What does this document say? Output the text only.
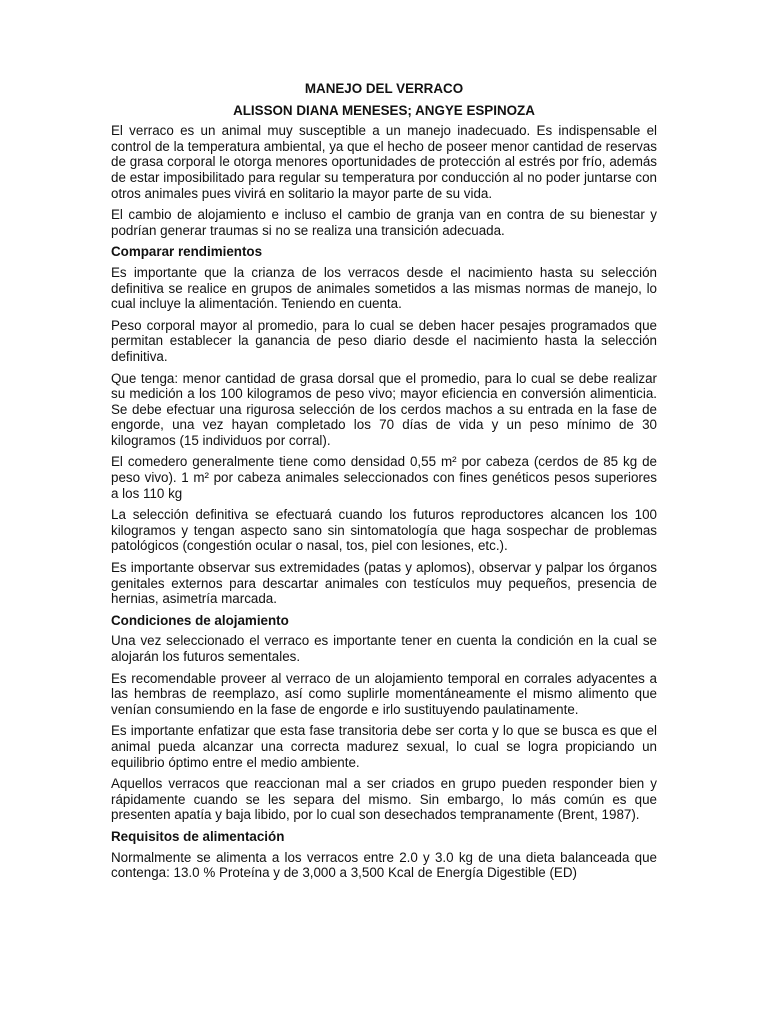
MANEJO DEL VERRACO
ALISSON DIANA MENESES; ANGYE ESPINOZA
El verraco es un animal muy susceptible a un manejo inadecuado. Es indispensable el control de la temperatura ambiental, ya que el hecho de poseer menor cantidad de reservas de grasa corporal le otorga menores oportunidades de protección al estrés por frío, además de estar imposibilitado para regular su temperatura por conducción al no poder juntarse con otros animales pues vivirá en solitario la mayor parte de su vida.
El cambio de alojamiento e incluso el cambio de granja van en contra de su bienestar y podrían generar traumas si no se realiza una transición adecuada.
Comparar rendimientos
Es importante que la crianza de los verracos desde el nacimiento hasta su selección definitiva se realice en grupos de animales sometidos a las mismas normas de manejo, lo cual incluye la alimentación. Teniendo en cuenta.
Peso corporal mayor al promedio, para lo cual se deben hacer pesajes programados que permitan establecer la ganancia de peso diario desde el nacimiento hasta la selección definitiva.
Que tenga: menor cantidad de grasa dorsal que el promedio, para lo cual se debe realizar su medición a los 100 kilogramos de peso vivo; mayor eficiencia en conversión alimenticia. Se debe efectuar una rigurosa selección de los cerdos machos a su entrada en la fase de engorde, una vez hayan completado los 70 días de vida y un peso mínimo de 30 kilogramos (15 individuos por corral).
El comedero generalmente tiene como densidad 0,55 m² por cabeza (cerdos de 85 kg de peso vivo). 1 m² por cabeza animales seleccionados con fines genéticos pesos superiores a los 110 kg
La selección definitiva se efectuará cuando los futuros reproductores alcancen los 100 kilogramos y tengan aspecto sano sin sintomatología que haga sospechar de problemas patológicos (congestión ocular o nasal, tos, piel con lesiones, etc.).
Es importante observar sus extremidades (patas y aplomos), observar y palpar los órganos genitales externos para descartar animales con testículos muy pequeños, presencia de hernias, asimetría marcada.
Condiciones de alojamiento
Una vez seleccionado el verraco es importante tener en cuenta la condición en la cual se alojarán los futuros sementales.
Es recomendable proveer al verraco de un alojamiento temporal en corrales adyacentes a las hembras de reemplazo, así como suplirle momentáneamente el mismo alimento que venían consumiendo en la fase de engorde e irlo sustituyendo paulatinamente.
Es importante enfatizar que esta fase transitoria debe ser corta y lo que se busca es que el animal pueda alcanzar una correcta madurez sexual, lo cual se logra propiciando un equilibrio óptimo entre el medio ambiente.
Aquellos verracos que reaccionan mal a ser criados en grupo pueden responder bien y rápidamente cuando se les separa del mismo. Sin embargo, lo más común es que presenten apatía y baja libido, por lo cual son desechados tempranamente (Brent, 1987).
Requisitos de alimentación
Normalmente se alimenta a los verracos entre 2.0 y 3.0 kg de una dieta balanceada que contenga: 13.0 % Proteína y de 3,000 a 3,500 Kcal de Energía Digestible (ED)
